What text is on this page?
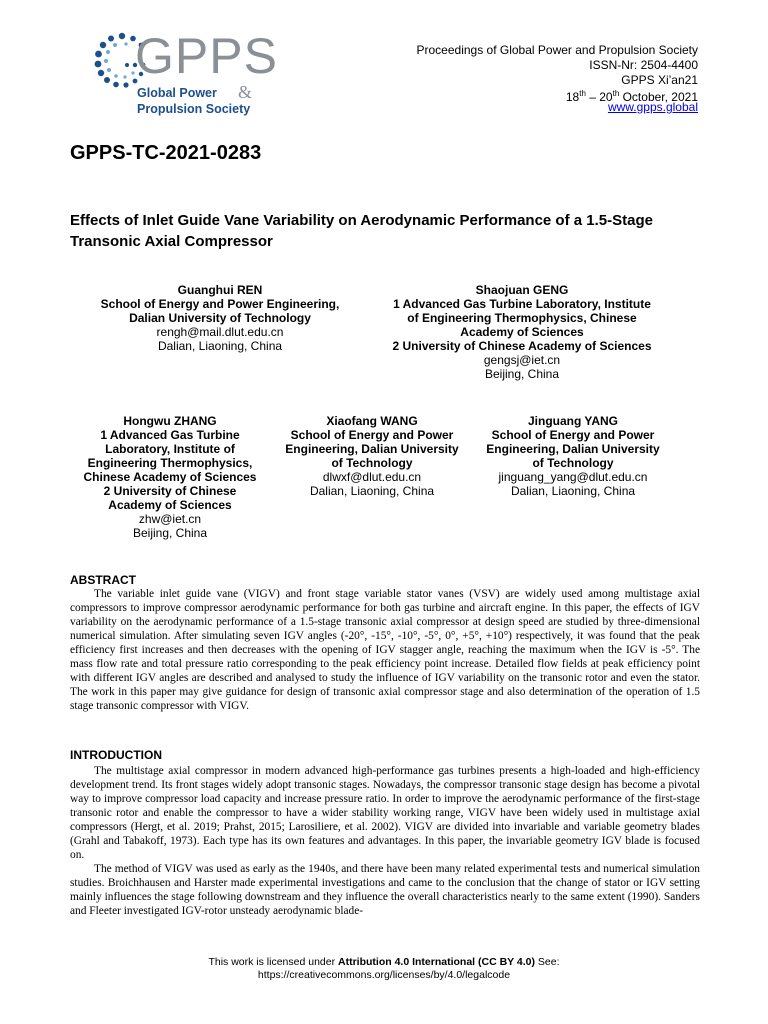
GPPS
Global Power &
Propulsion Society
Proceedings of Global Power and Propulsion Society
ISSN-Nr: 2504-4400
GPPS Xi’an21
18th – 20th October, 2021
www.gpps.global
GPPS-TC-2021-0283
Effects of Inlet Guide Vane Variability on Aerodynamic Performance of a 1.5-Stage Transonic Axial Compressor
Guanghui REN
School of Energy and Power Engineering,
Dalian University of Technology
rengh@mail.dlut.edu.cn
Dalian, Liaoning, China
Shaojuan GENG
1 Advanced Gas Turbine Laboratory, Institute
of Engineering Thermophysics, Chinese
Academy of Sciences
2 University of Chinese Academy of Sciences
gengsj@iet.cn
Beijing, China
Hongwu ZHANG
1 Advanced Gas Turbine
Laboratory, Institute of
Engineering Thermophysics,
Chinese Academy of Sciences
2 University of Chinese
Academy of Sciences
zhw@iet.cn
Beijing, China
Xiaofang WANG
School of Energy and Power
Engineering, Dalian University
of Technology
dlwxf@dlut.edu.cn
Dalian, Liaoning, China
Jinguang YANG
School of Energy and Power
Engineering, Dalian University
of Technology
jinguang_yang@dlut.edu.cn
Dalian, Liaoning, China
ABSTRACT
The variable inlet guide vane (VIGV) and front stage variable stator vanes (VSV) are widely used among multistage axial compressors to improve compressor aerodynamic performance for both gas turbine and aircraft engine. In this paper, the effects of IGV variability on the aerodynamic performance of a 1.5-stage transonic axial compressor at design speed are studied by three-dimensional numerical simulation. After simulating seven IGV angles (-20°, -15°, -10°, -5°, 0°, +5°, +10°) respectively, it was found that the peak efficiency first increases and then decreases with the opening of IGV stagger angle, reaching the maximum when the IGV is -5°. The mass flow rate and total pressure ratio corresponding to the peak efficiency point increase. Detailed flow fields at peak efficiency point with different IGV angles are described and analysed to study the influence of IGV variability on the transonic rotor and even the stator. The work in this paper may give guidance for design of transonic axial compressor stage and also determination of the operation of 1.5 stage transonic compressor with VIGV.
INTRODUCTION
The multistage axial compressor in modern advanced high-performance gas turbines presents a high-loaded and high-efficiency development trend. Its front stages widely adopt transonic stages. Nowadays, the compressor transonic stage design has become a pivotal way to improve compressor load capacity and increase pressure ratio. In order to improve the aerodynamic performance of the first-stage transonic rotor and enable the compressor to have a wider stability working range, VIGV have been widely used in multistage axial compressors (Hergt, et al. 2019; Prahst, 2015; Larosiliere, et al. 2002). VIGV are divided into invariable and variable geometry blades (Grahl and Tabakoff, 1973). Each type has its own features and advantages. In this paper, the invariable geometry IGV blade is focused on.
The method of VIGV was used as early as the 1940s, and there have been many related experimental tests and numerical simulation studies. Broichhausen and Harster made experimental investigations and came to the conclusion that the change of stator or IGV setting mainly influences the stage following downstream and they influence the overall characteristics nearly to the same extent (1990). Sanders and Fleeter investigated IGV-rotor unsteady aerodynamic blade-
This work is licensed under Attribution 4.0 International (CC BY 4.0) See:
https://creativecommons.org/licenses/by/4.0/legalcode
